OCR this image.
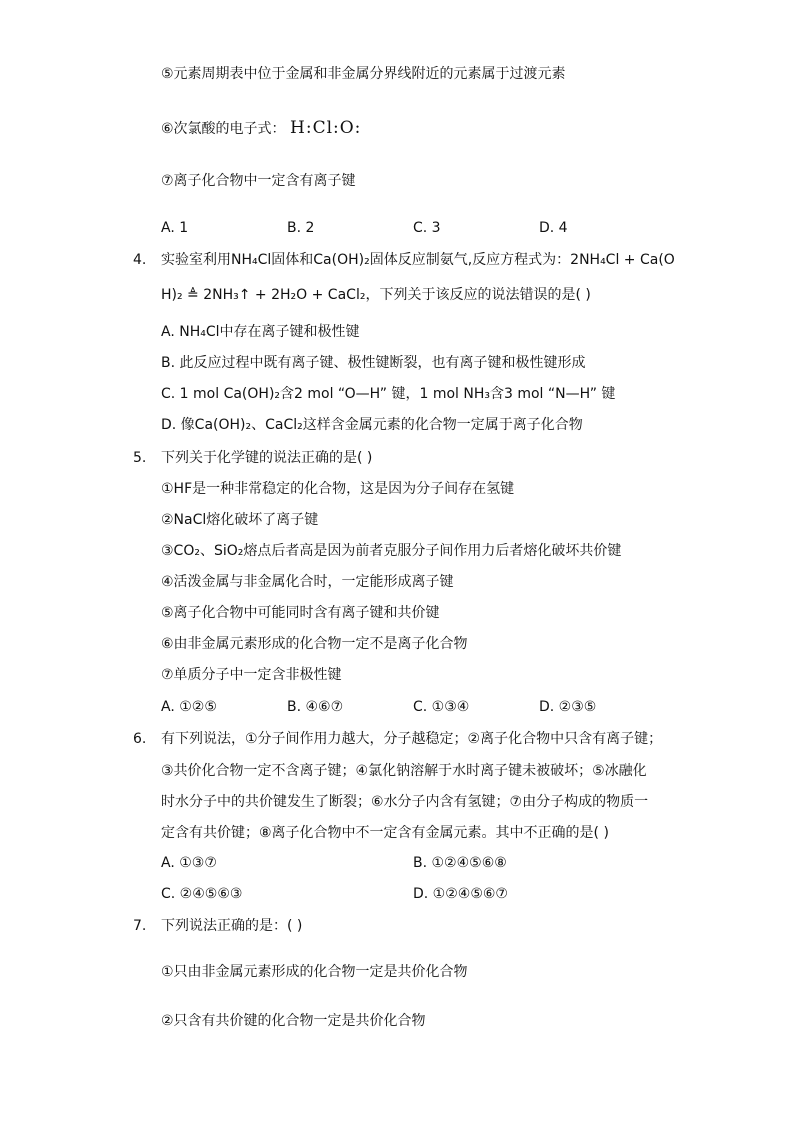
⑤元素周期表中位于金属和非金属分界线附近的元素属于过渡元素
⑥次氯酸的电子式： H:Cl:O:
⑦离子化合物中一定含有离子键
A. 1	B. 2	C. 3	D. 4
4.	实验室利用NH₄Cl固体和Ca(OH)₂固体反应制氨气,反应方程式为：2NH₄Cl + Ca(O
H)₂ ≜ 2NH₃↑ + 2H₂O + CaCl₂，下列关于该反应的说法错误的是( )
A. NH₄Cl中存在离子键和极性键
B. 此反应过程中既有离子键、极性键断裂，也有离子键和极性键形成
C. 1 mol Ca(OH)₂含2 mol “O—H” 键，1 mol NH₃含3 mol “N—H” 键
D. 像Ca(OH)₂、CaCl₂这样含金属元素的化合物一定属于离子化合物
5.	下列关于化学键的说法正确的是( )
①HF是一种非常稳定的化合物，这是因为分子间存在氢键
②NaCl熔化破坏了离子键
③CO₂、SiO₂熔点后者高是因为前者克服分子间作用力后者熔化破坏共价键
④活泼金属与非金属化合时，一定能形成离子键
⑤离子化合物中可能同时含有离子键和共价键
⑥由非金属元素形成的化合物一定不是离子化合物
⑦单质分子中一定含非极性键
A. ①②⑤	B. ④⑥⑦	C. ①③④	D. ②③⑤
6.	有下列说法，①分子间作用力越大，分子越稳定；②离子化合物中只含有离子键；
③共价化合物一定不含离子键；④氯化钠溶解于水时离子键未被破坏；⑤冰融化
时水分子中的共价键发生了断裂；⑥水分子内含有氢键；⑦由分子构成的物质一
定含有共价键；⑧离子化合物中不一定含有金属元素。其中不正确的是( )
A. ①③⑦	B. ①②④⑤⑥⑧
C. ②④⑤⑥③	D. ①②④⑤⑥⑦
7.	下列说法正确的是：( )
①只由非金属元素形成的化合物一定是共价化合物
②只含有共价键的化合物一定是共价化合物
